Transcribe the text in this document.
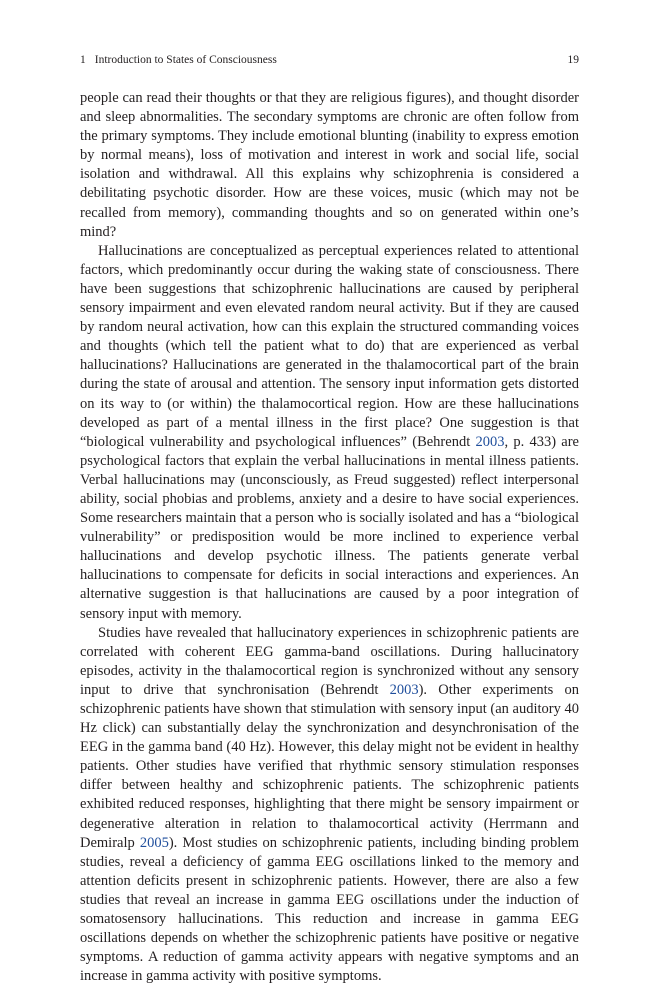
1 Introduction to States of Consciousness	19

people can read their thoughts or that they are religious figures), and thought disorder and sleep abnormalities. The secondary symptoms are chronic are often follow from the primary symptoms. They include emotional blunting (inability to express emotion by normal means), loss of motivation and interest in work and social life, social isolation and withdrawal. All this explains why schizophrenia is considered a debilitating psychotic disorder. How are these voices, music (which may not be recalled from memory), commanding thoughts and so on generated within one’s mind?

Hallucinations are conceptualized as perceptual experiences related to attentional factors, which predominantly occur during the waking state of consciousness. There have been suggestions that schizophrenic hallucinations are caused by peripheral sensory impairment and even elevated random neural activity. But if they are caused by random neural activation, how can this explain the structured commanding voices and thoughts (which tell the patient what to do) that are experienced as verbal hallucinations? Hallucinations are generated in the thalamocortical part of the brain during the state of arousal and attention. The sensory input information gets distorted on its way to (or within) the thalamocortical region. How are these hallucinations developed as part of a mental illness in the first place? One suggestion is that “biological vulnerability and psychological influences” (Behrendt 2003, p. 433) are psychological factors that explain the verbal hallucinations in mental illness patients. Verbal hallucinations may (unconsciously, as Freud suggested) reflect interpersonal ability, social phobias and problems, anxiety and a desire to have social experiences. Some researchers maintain that a person who is socially isolated and has a “biological vulnerability” or predisposition would be more inclined to experience verbal hallucinations and develop psychotic illness. The patients generate verbal hallucinations to compensate for deficits in social interactions and experiences. An alternative suggestion is that hallucinations are caused by a poor integration of sensory input with memory.

Studies have revealed that hallucinatory experiences in schizophrenic patients are correlated with coherent EEG gamma-band oscillations. During hallucinatory episodes, activity in the thalamocortical region is synchronized without any sensory input to drive that synchronisation (Behrendt 2003). Other experiments on schizophrenic patients have shown that stimulation with sensory input (an auditory 40 Hz click) can substantially delay the synchronization and desynchronisation of the EEG in the gamma band (40 Hz). However, this delay might not be evident in healthy patients. Other studies have verified that rhythmic sensory stimulation responses differ between healthy and schizophrenic patients. The schizophrenic patients exhibited reduced responses, highlighting that there might be sensory impairment or degenerative alteration in relation to thalamocortical activity (Herrmann and Demiralp 2005). Most studies on schizophrenic patients, including binding problem studies, reveal a deficiency of gamma EEG oscillations linked to the memory and attention deficits present in schizophrenic patients. However, there are also a few studies that reveal an increase in gamma EEG oscillations under the induction of somatosensory hallucinations. This reduction and increase in gamma EEG oscillations depends on whether the schizophrenic patients have positive or negative symptoms. A reduction of gamma activity appears with negative symptoms and an increase in gamma activity with positive symptoms.
